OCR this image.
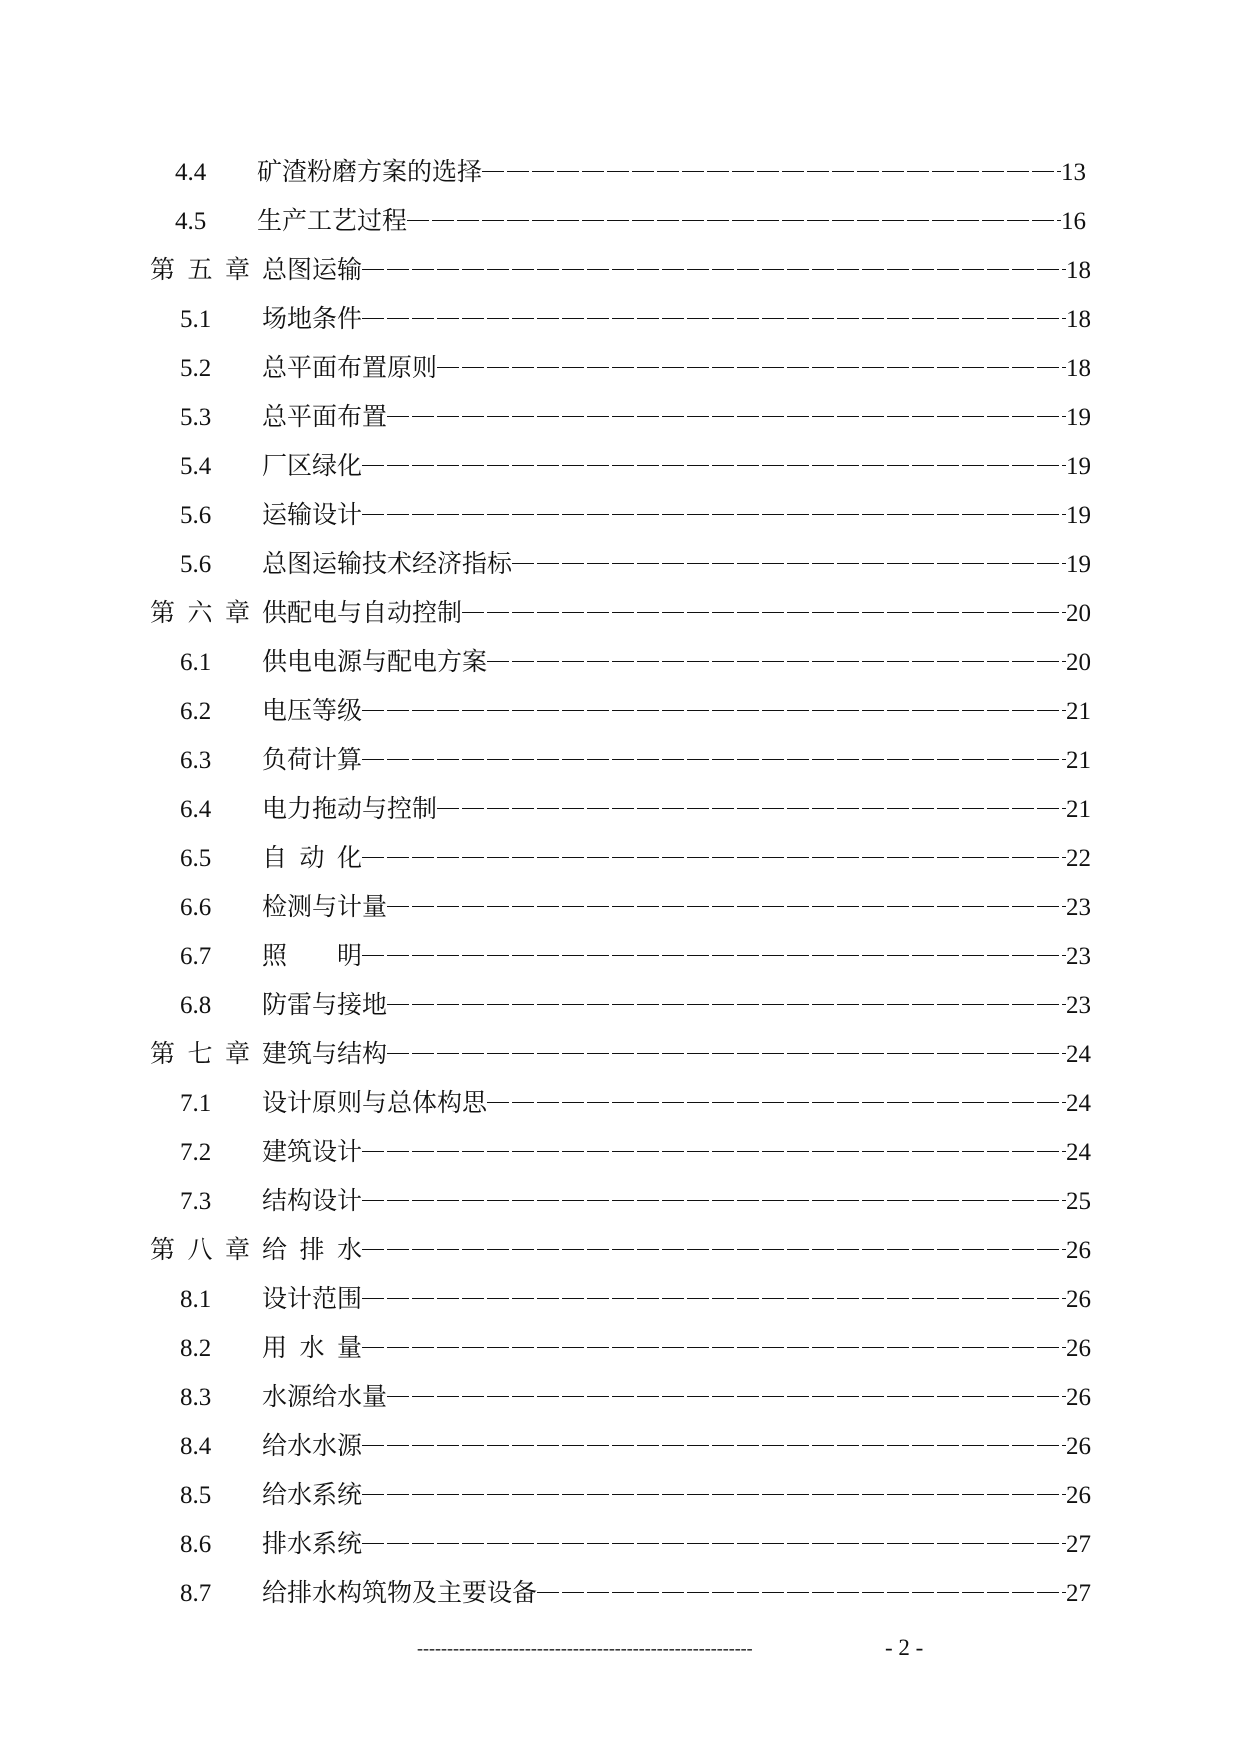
4.4	矿渣粉磨方案的选择	13
4.5	生产工艺过程	16
第 五 章 总图运输	18
5.1	场地条件	18
5.2	总平面布置原则	18
5.3	总平面布置	19
5.4	厂区绿化	19
5.6	运输设计	19
5.6	总图运输技术经济指标	19
第 六 章 供配电与自动控制	20
6.1	供电电源与配电方案	20
6.2	电压等级	21
6.3	负荷计算	21
6.4	电力拖动与控制	21
6.5	自 动 化	22
6.6	检测与计量	23
6.7	照　　明	23
6.8	防雷与接地	23
第 七 章 建筑与结构	24
7.1	设计原则与总体构思	24
7.2	建筑设计	24
7.3	结构设计	25
第 八 章 给 排 水	26
8.1	设计范围	26
8.2	用 水 量	26
8.3	水源给水量	26
8.4	给水水源	26
8.5	给水系统	26
8.6	排水系统	27
8.7	给排水构筑物及主要设备	27
--------------------------------------------------------	- 2 -
